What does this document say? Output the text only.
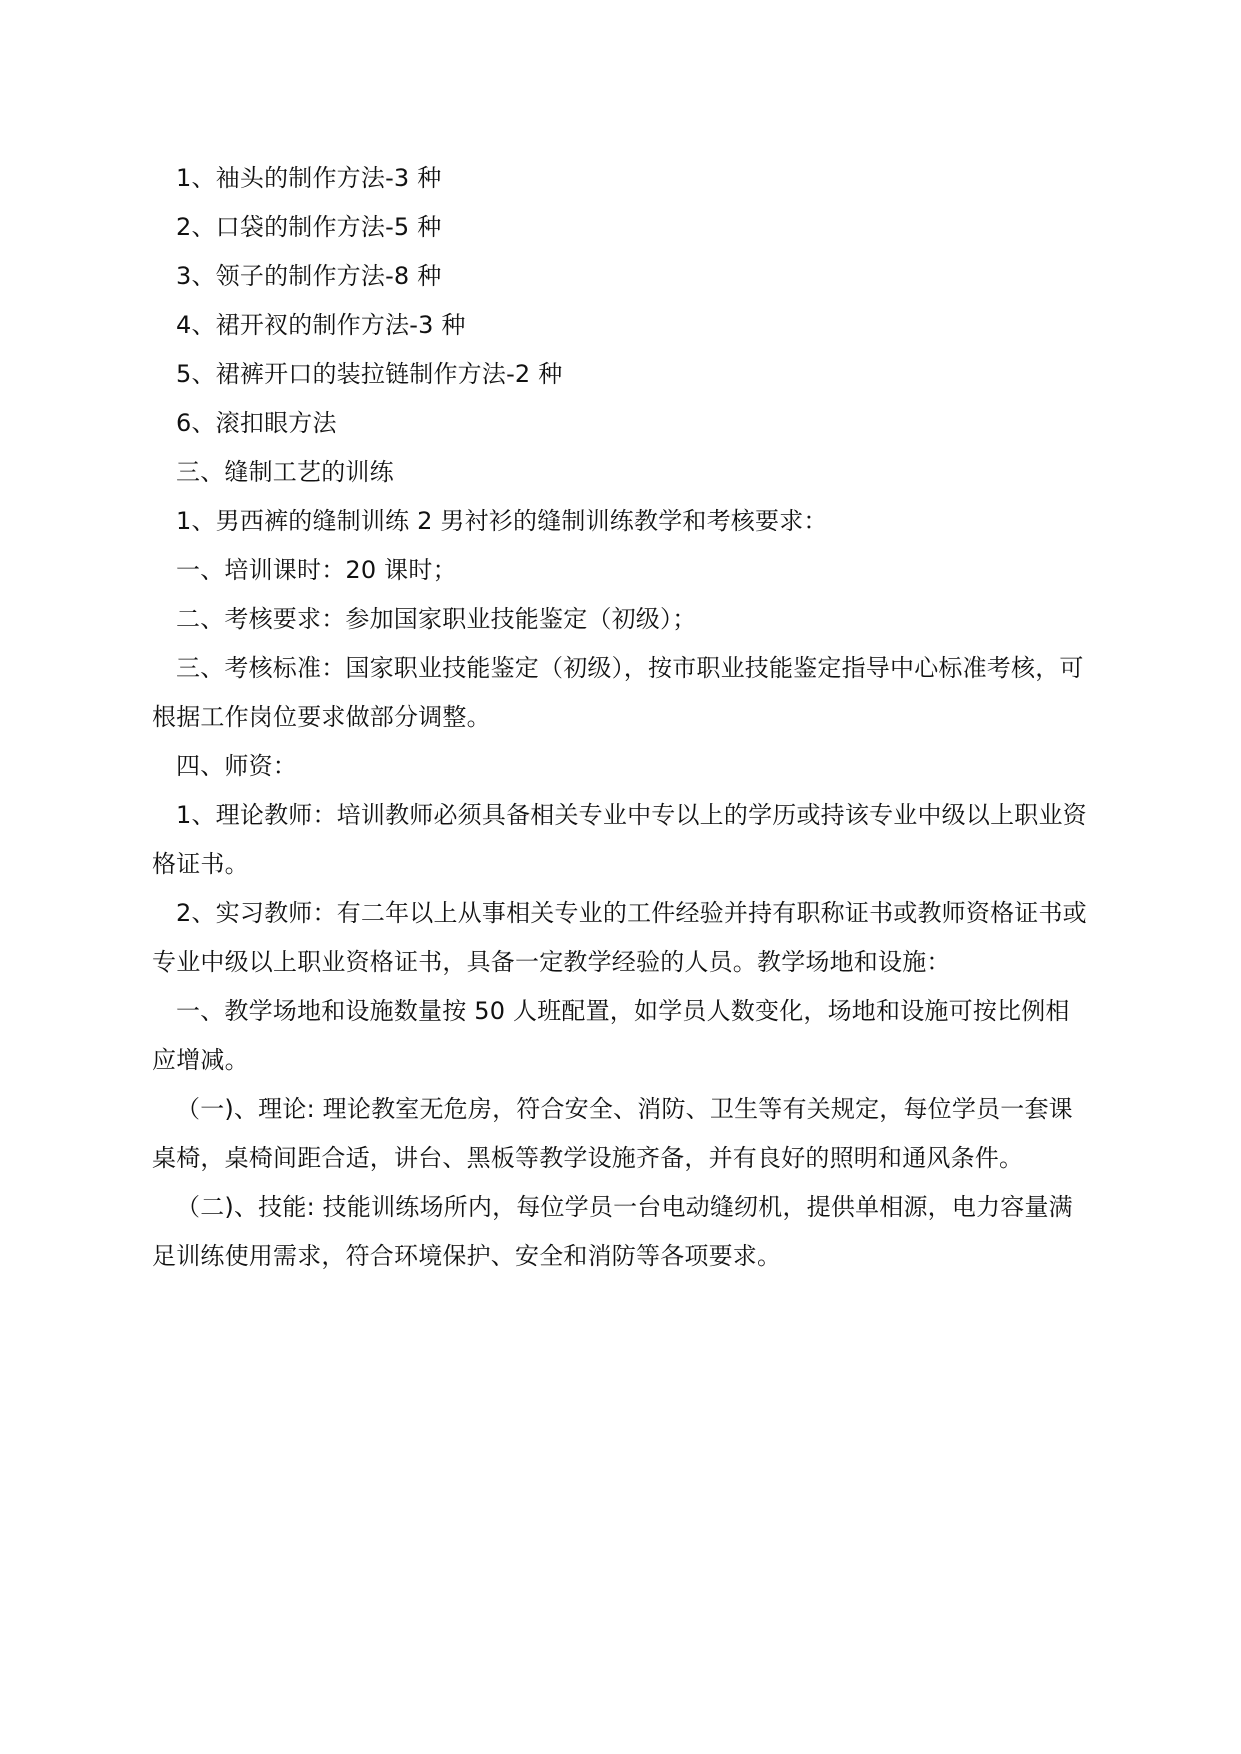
1、袖头的制作方法-3 种

2、口袋的制作方法-5 种

3、领子的制作方法-8 种

4、裙开衩的制作方法-3 种

5、裙裤开口的装拉链制作方法-2 种

6、滚扣眼方法

三、缝制工艺的训练

1、男西裤的缝制训练 2 男衬衫的缝制训练教学和考核要求：

一、培训课时：20 课时；

二、考核要求：参加国家职业技能鉴定（初级）；

三、考核标准：国家职业技能鉴定（初级），按市职业技能鉴定指导中心标准考核，可根据工作岗位要求做部分调整。

四、师资：

1、理论教师：培训教师必须具备相关专业中专以上的学历或持该专业中级以上职业资格证书。

2、实习教师：有二年以上从事相关专业的工件经验并持有职称证书或教师资格证书或专业中级以上职业资格证书，具备一定教学经验的人员。教学场地和设施：

一、教学场地和设施数量按 50 人班配置，如学员人数变化，场地和设施可按比例相应增减。

（一)、理论: 理论教室无危房，符合安全、消防、卫生等有关规定，每位学员一套课桌椅，桌椅间距合适，讲台、黑板等教学设施齐备，并有良好的照明和通风条件。

（二)、技能: 技能训练场所内，每位学员一台电动缝纫机，提供单相源，电力容量满足训练使用需求，符合环境保护、安全和消防等各项要求。
